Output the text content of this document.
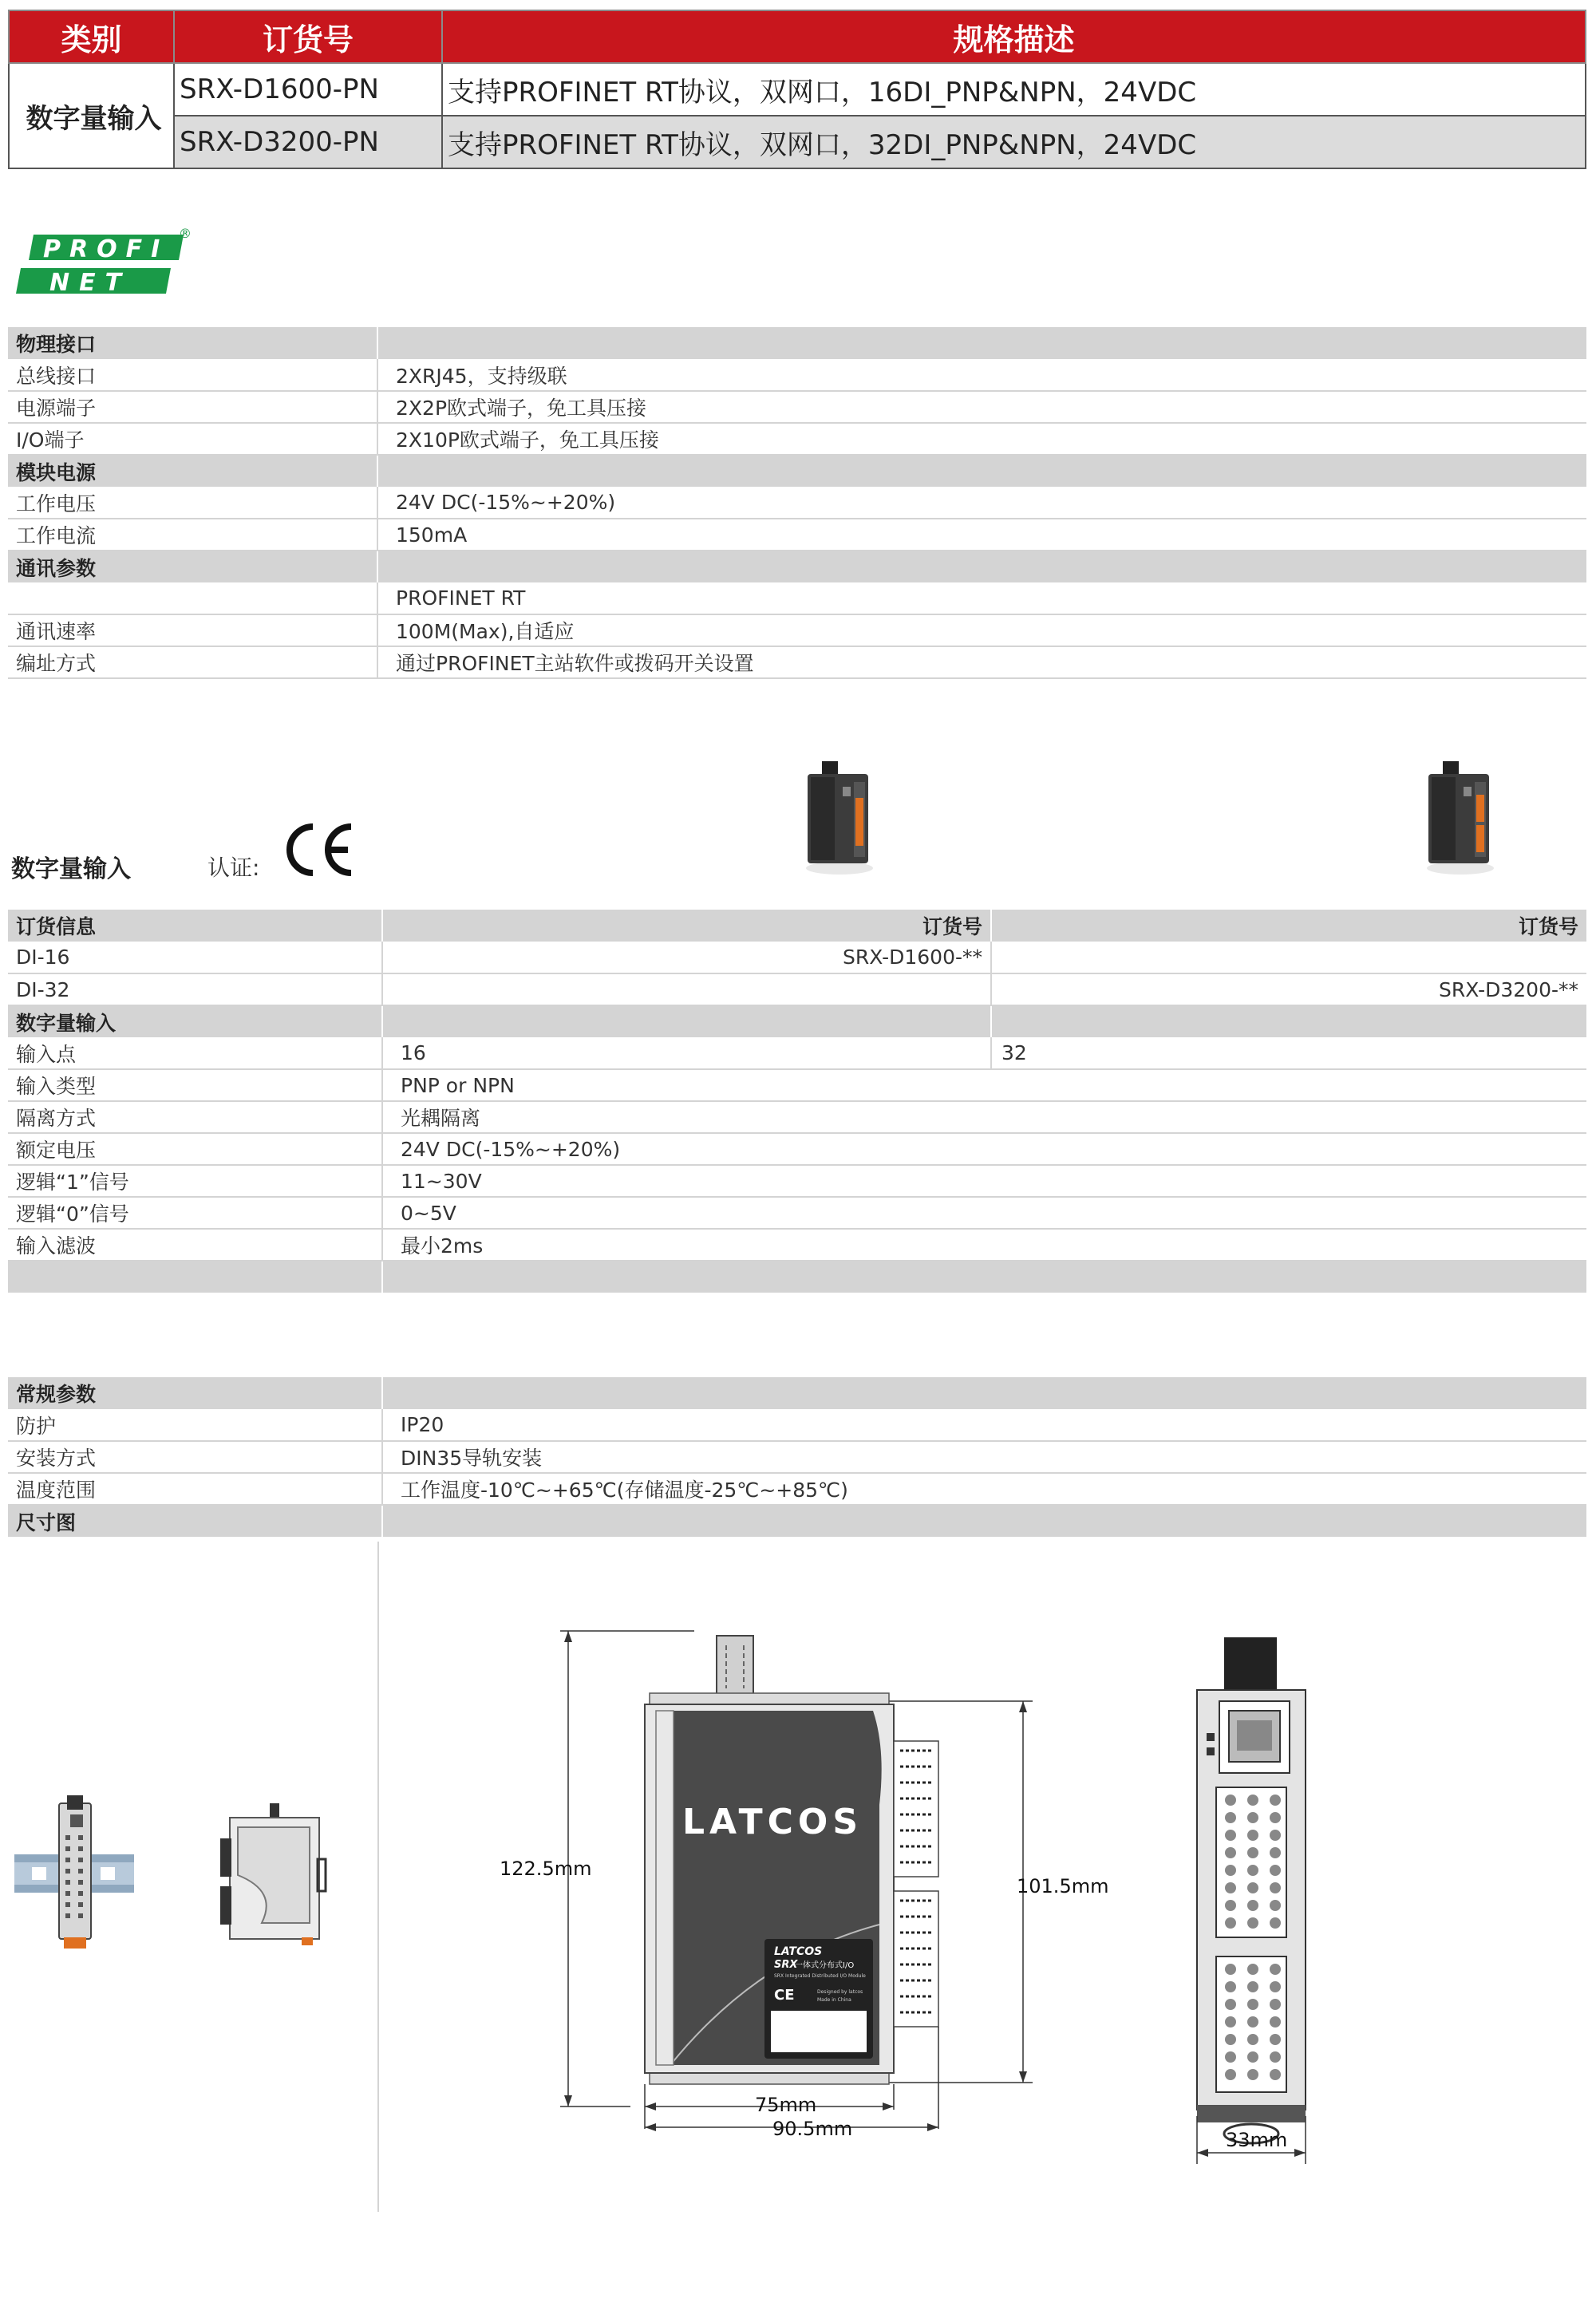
类别	订货号	规格描述
数字量输入	SRX-D1600-PN	支持PROFINET RT协议，双网口，16DI_PNP&NPN，24VDC
	SRX-D3200-PN	支持PROFINET RT协议，双网口，32DI_PNP&NPN，24VDC
PROFI
NET
®
物理接口	
总线接口	2XRJ45，支持级联
电源端子	2X2P欧式端子，免工具压接
I/O端子	2X10P欧式端子，免工具压接
模块电源	
工作电压	24V DC(-15%~+20%)
工作电流	150mA
通讯参数	
	PROFINET RT
通讯速率	100M(Max),自适应
编址方式	通过PROFINET主站软件或拨码开关设置
数字量输入	认证:
订货信息	订货号	订货号
DI-16	SRX-D1600-**	
DI-32		SRX-D3200-**
数字量输入		
输入点	16	32
输入类型	PNP or NPN	
隔离方式	光耦隔离	
额定电压	24V DC(-15%~+20%)	
逻辑“1”信号	11~30V	
逻辑“0”信号	0~5V	
输入滤波	最小2ms	

常规参数	
防护	IP20
安装方式	DIN35导轨安装
温度范围	工作温度-10℃~+65℃(存储温度-25℃~+85℃)
尺寸图	
LATCOS
LATCOS
SRX
一体式分布式I/O
SRX Integrated Distributed I/O Module
CE	Designed by latcos
Made in China
122.5mm
101.5mm
75mm
90.5mm	33mm
